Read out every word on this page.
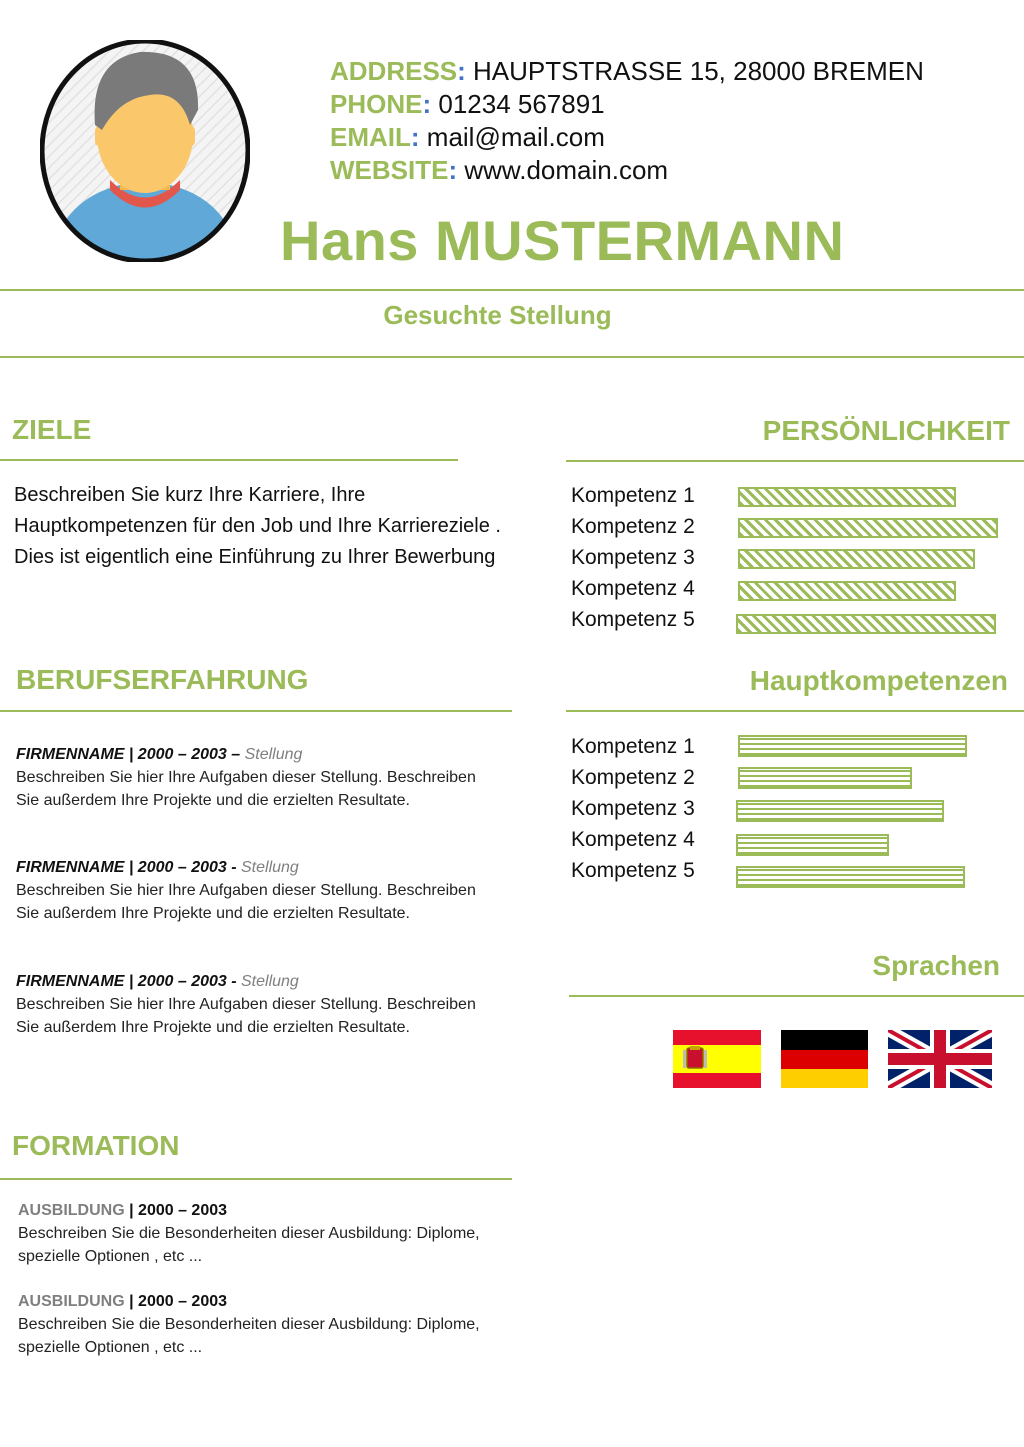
ADDRESS: HAUPTSTRASSE 15, 28000 BREMEN
PHONE: 01234 567891
EMAIL: mail@mail.com
WEBSITE: www.domain.com
Hans MUSTERMANN
Gesuchte Stellung
ZIELE
Beschreiben Sie kurz Ihre Karriere, Ihre Hauptkompetenzen für den Job und Ihre Karriereziele . Dies ist eigentlich eine Einführung zu Ihrer Bewerbung
BERUFSERFAHRUNG
FIRMENNAME | 2000 – 2003 – Stellung
Beschreiben Sie hier Ihre Aufgaben dieser Stellung. Beschreiben Sie außerdem Ihre Projekte und die erzielten Resultate.
FIRMENNAME | 2000 – 2003 - Stellung
Beschreiben Sie hier Ihre Aufgaben dieser Stellung. Beschreiben Sie außerdem Ihre Projekte und die erzielten Resultate.
FIRMENNAME | 2000 – 2003 - Stellung
Beschreiben Sie hier Ihre Aufgaben dieser Stellung. Beschreiben Sie außerdem Ihre Projekte und die erzielten Resultate.
FORMATION
AUSBILDUNG | 2000 – 2003
Beschreiben Sie die Besonderheiten dieser Ausbildung: Diplome, spezielle Optionen , etc ...
AUSBILDUNG | 2000 – 2003
Beschreiben Sie die Besonderheiten dieser Ausbildung: Diplome, spezielle Optionen , etc ...
PERSÖNLICHKEIT
Kompetenz 1
Kompetenz 2
Kompetenz 3
Kompetenz 4
Kompetenz 5
Hauptkompetenzen
Kompetenz 1
Kompetenz 2
Kompetenz 3
Kompetenz 4
Kompetenz 5
Sprachen
